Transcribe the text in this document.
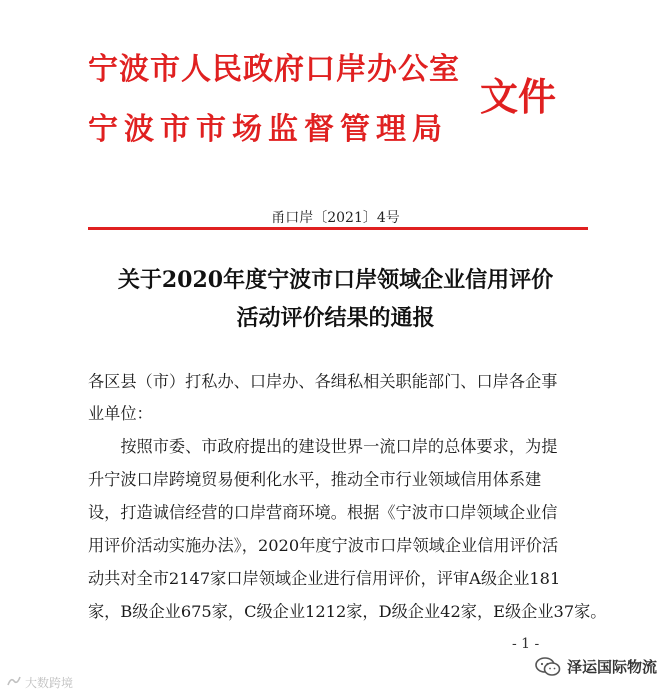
宁波市人民政府口岸办公室
宁波市市场监督管理局
文件
甬口岸〔2021〕4号
关于2020年度宁波市口岸领域企业信用评价
活动评价结果的通报
各区县（市）打私办、口岸办、各缉私相关职能部门、口岸各企事
业单位：
　　按照市委、市政府提出的建设世界一流口岸的总体要求，为提
升宁波口岸跨境贸易便利化水平，推动全市行业领域信用体系建
设，打造诚信经营的口岸营商环境。根据《宁波市口岸领域企业信
用评价活动实施办法》，2020年度宁波市口岸领域企业信用评价活
动共对全市2147家口岸领域企业进行信用评价，评审A级企业181
家，B级企业675家，C级企业1212家，D级企业42家，E级企业37家。
- 1 -
泽运国际物流
大数跨境
